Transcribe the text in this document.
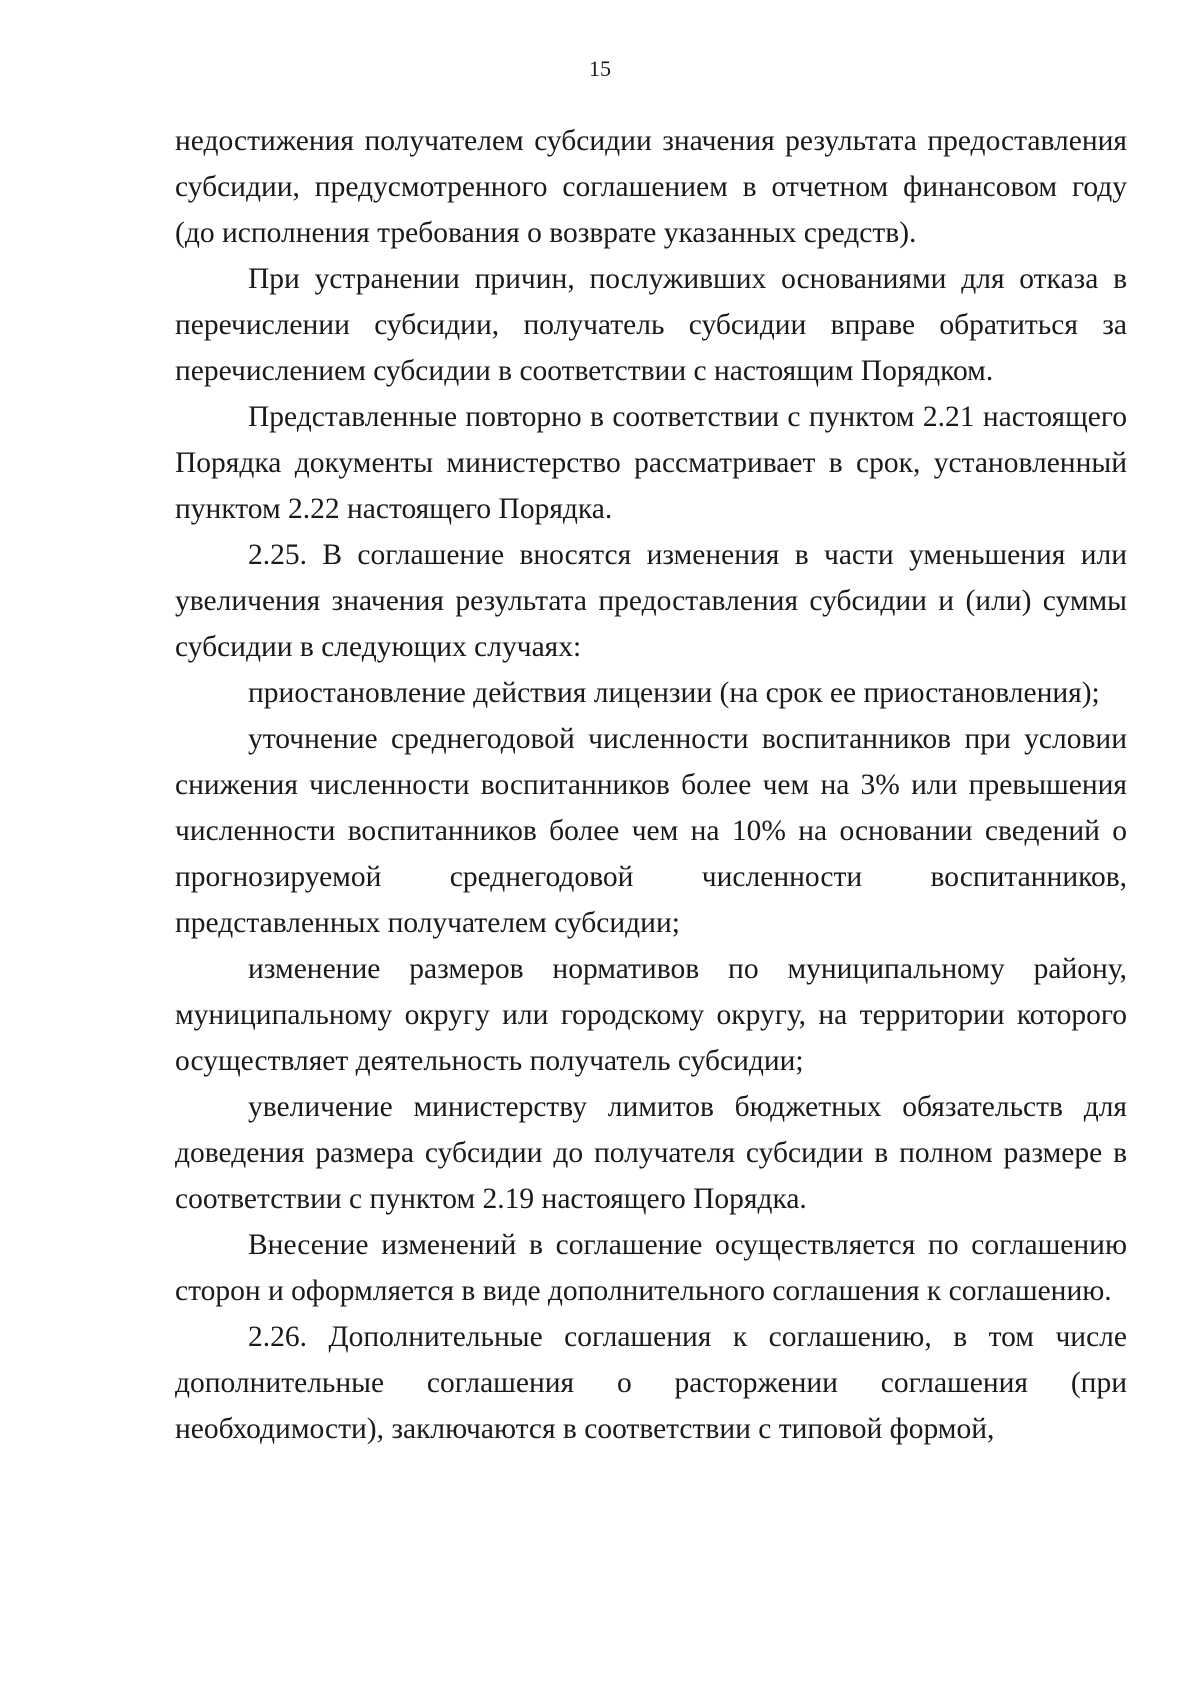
15

недостижения получателем субсидии значения результата предоставления субсидии, предусмотренного соглашением в отчетном финансовом году (до исполнения требования о возврате указанных средств).

При устранении причин, послуживших основаниями для отказа в перечислении субсидии, получатель субсидии вправе обратиться за перечислением субсидии в соответствии с настоящим Порядком.

Представленные повторно в соответствии с пунктом 2.21 настоящего Порядка документы министерство рассматривает в срок, установленный пунктом 2.22 настоящего Порядка.

2.25. В соглашение вносятся изменения в части уменьшения или увеличения значения результата предоставления субсидии и (или) суммы субсидии в следующих случаях:

приостановление действия лицензии (на срок ее приостановления);

уточнение среднегодовой численности воспитанников при условии снижения численности воспитанников более чем на 3% или превышения численности воспитанников более чем на 10% на основании сведений о прогнозируемой среднегодовой численности воспитанников, представленных получателем субсидии;

изменение размеров нормативов по муниципальному району, муниципальному округу или городскому округу, на территории которого осуществляет деятельность получатель субсидии;

увеличение министерству лимитов бюджетных обязательств для доведения размера субсидии до получателя субсидии в полном размере в соответствии с пунктом 2.19 настоящего Порядка.

Внесение изменений в соглашение осуществляется по соглашению сторон и оформляется в виде дополнительного соглашения к соглашению.

2.26. Дополнительные соглашения к соглашению, в том числе дополнительные соглашения о расторжении соглашения (при необходимости), заключаются в соответствии с типовой формой,
